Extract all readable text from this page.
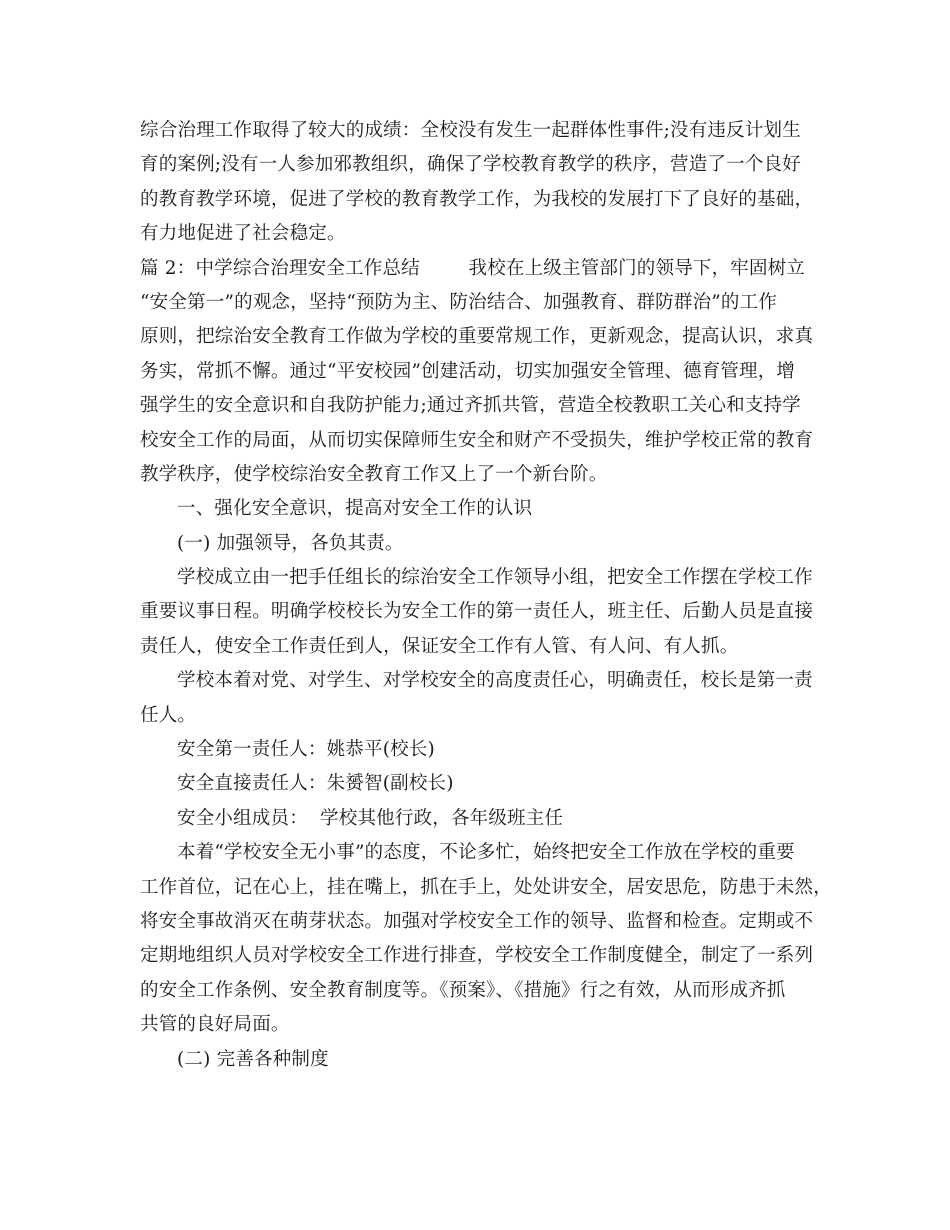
综合治理工作取得了较大的成绩：全校没有发生一起群体性事件;没有违反计划生
育的案例;没有一人参加邪教组织，确保了学校教育教学的秩序，营造了一个良好
的教育教学环境，促进了学校的教育教学工作，为我校的发展打下了良好的基础，
有力地促进了社会稳定。
篇 2：中学综合治理安全工作总结        我校在上级主管部门的领导下，牢固树立
“安全第一”的观念，坚持“预防为主、防治结合、加强教育、群防群治”的工作
原则，把综治安全教育工作做为学校的重要常规工作，更新观念，提高认识，求真
务实，常抓不懈。通过“平安校园”创建活动，切实加强安全管理、德育管理，增
强学生的安全意识和自我防护能力;通过齐抓共管，营造全校教职工关心和支持学
校安全工作的局面，从而切实保障师生安全和财产不受损失，维护学校正常的教育
教学秩序，使学校综治安全教育工作又上了一个新台阶。
一、强化安全意识，提高对安全工作的认识
(一) 加强领导，各负其责。
学校成立由一把手任组长的综治安全工作领导小组，把安全工作摆在学校工作
重要议事日程。明确学校校长为安全工作的第一责任人，班主任、后勤人员是直接
责任人，使安全工作责任到人，保证安全工作有人管、有人问、有人抓。
学校本着对党、对学生、对学校安全的高度责任心，明确责任，校长是第一责
任人。
安全第一责任人：姚恭平(校长)
安全直接责任人：朱赟智(副校长)
安全小组成员：  学校其他行政，各年级班主任
本着“学校安全无小事”的态度，不论多忙，始终把安全工作放在学校的重要
工作首位，记在心上，挂在嘴上，抓在手上，处处讲安全，居安思危，防患于未然，
将安全事故消灭在萌芽状态。加强对学校安全工作的领导、监督和检查。定期或不
定期地组织人员对学校安全工作进行排查，学校安全工作制度健全，制定了一系列
的安全工作条例、安全教育制度等。《预案》、《措施》行之有效，从而形成齐抓
共管的良好局面。
(二) 完善各种制度
